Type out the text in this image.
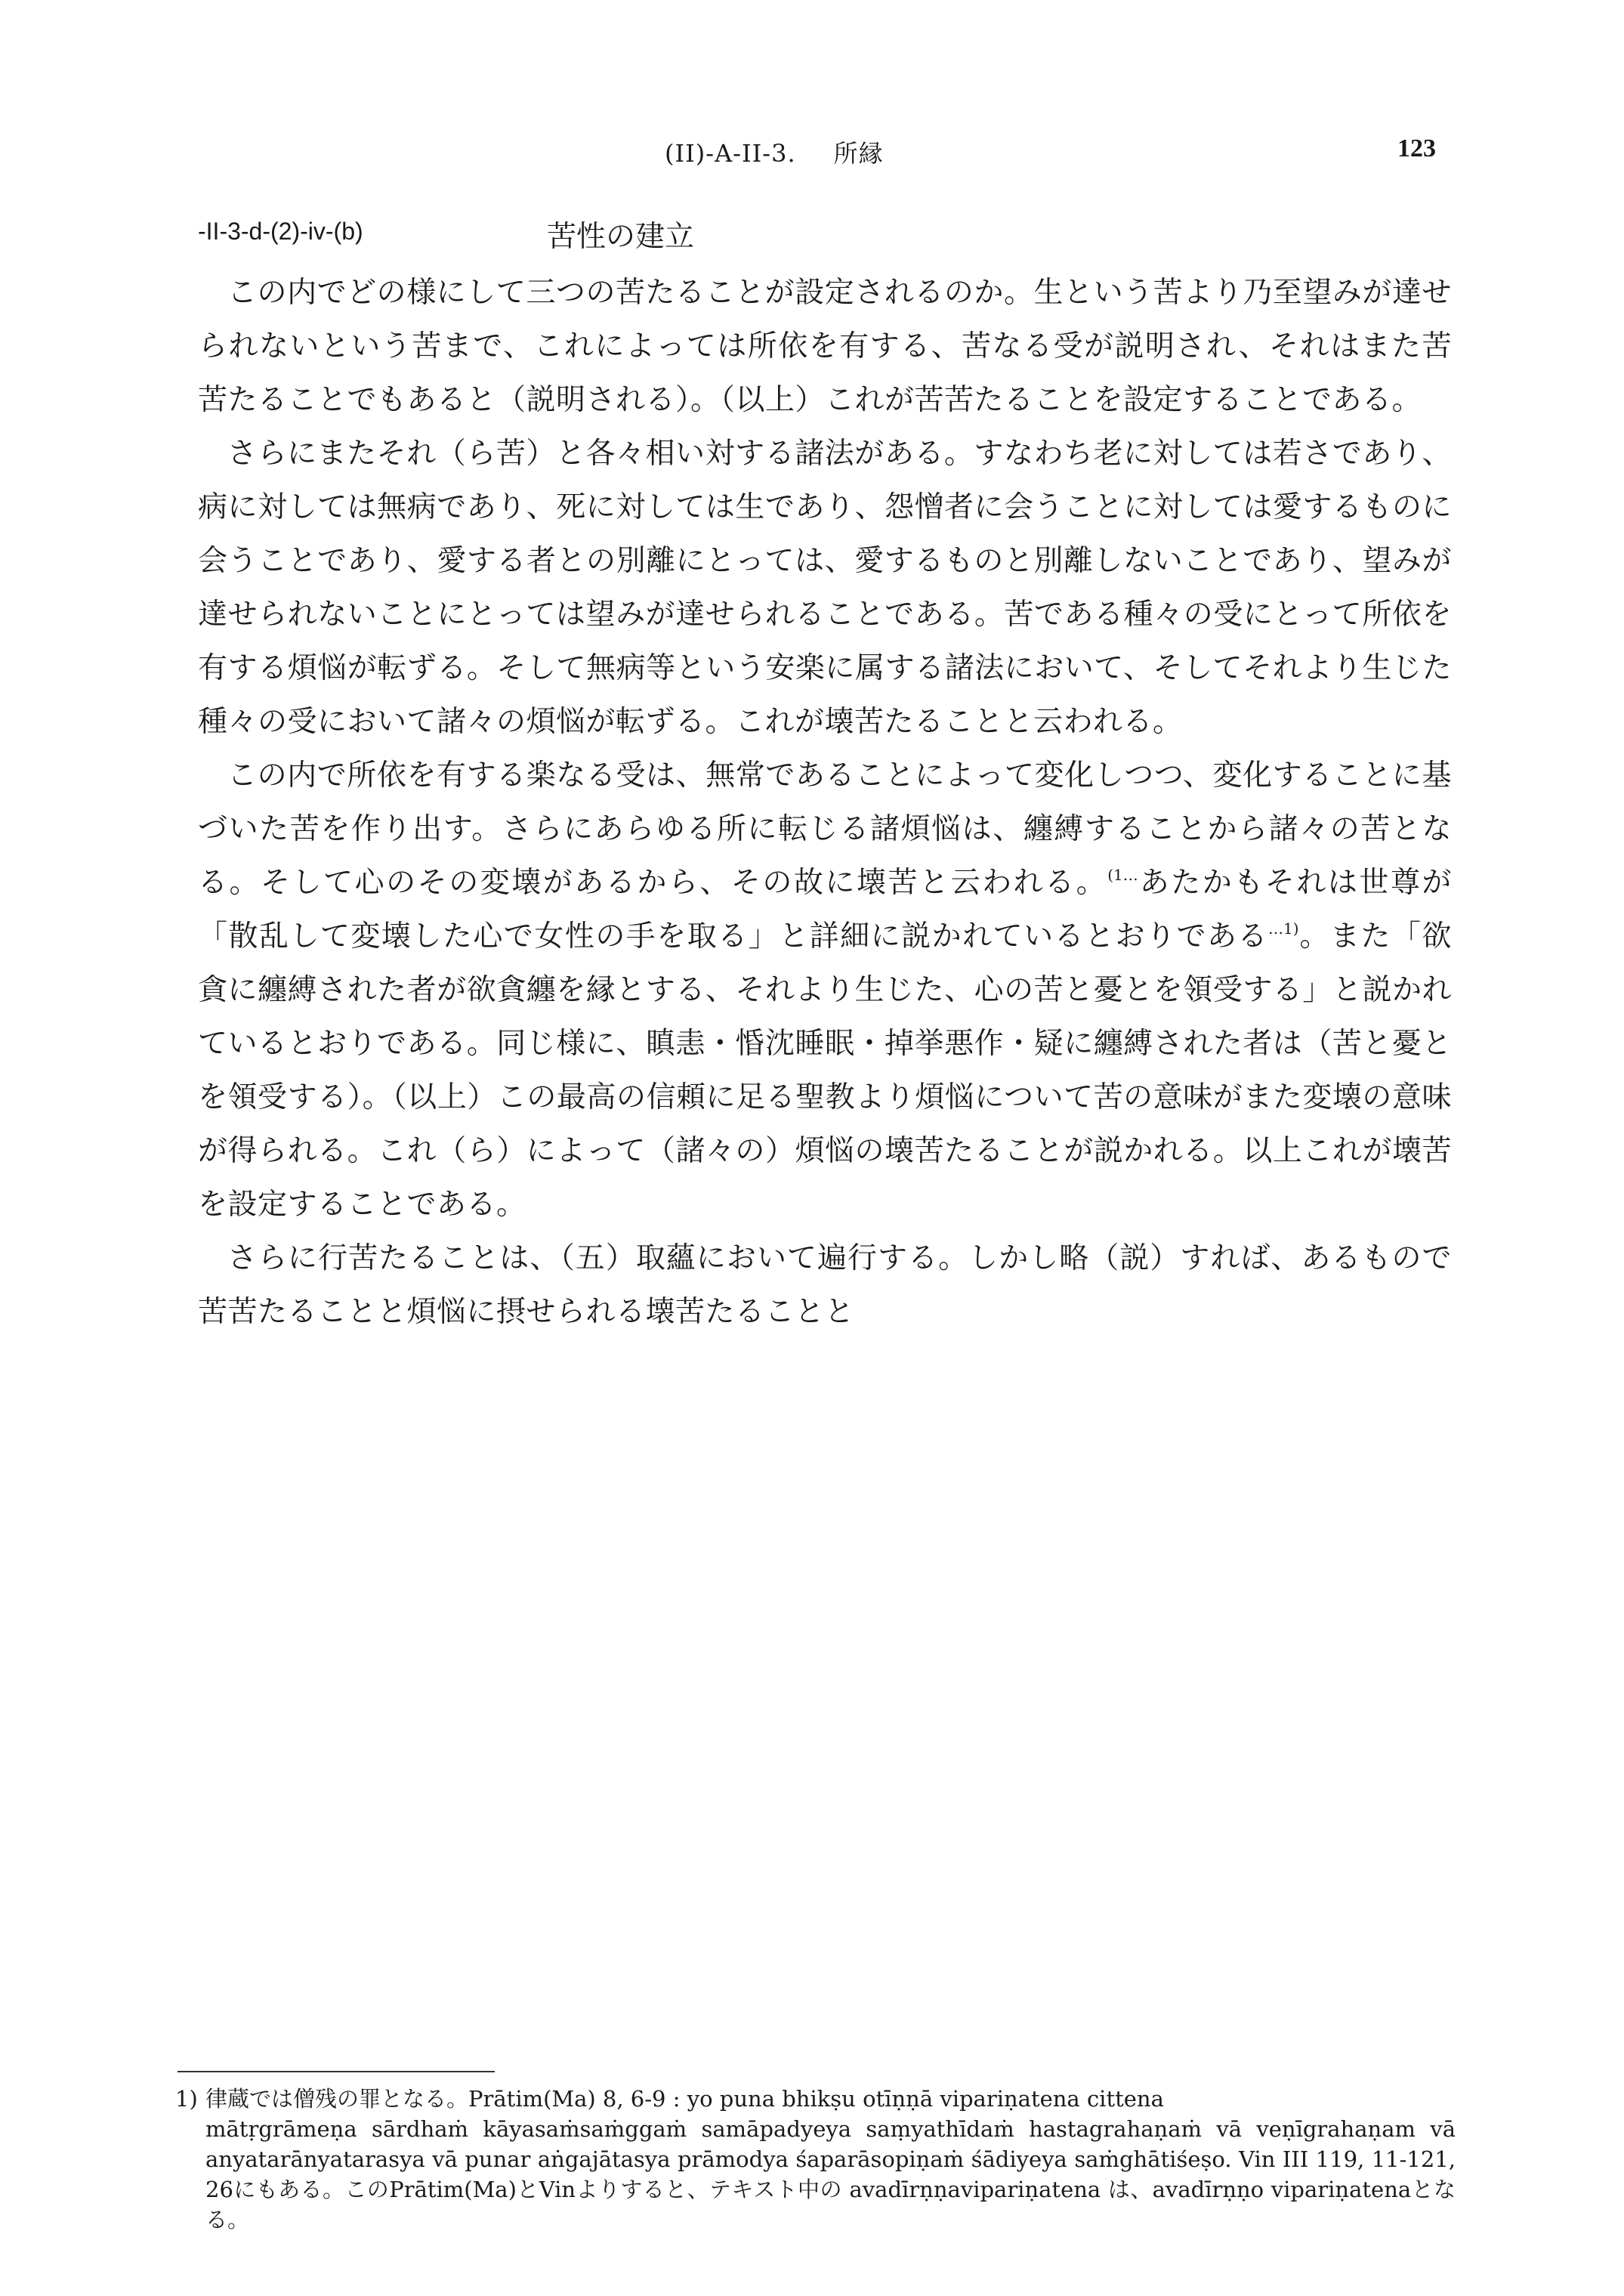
(II)-A-II-3. 所縁	123
-II-3-d-(2)-iv-(b)	苦性の建立

この内でどの様にして三つの苦たることが設定されるのか。生という苦より乃至望みが達せられないという苦まで、これによっては所依を有する、苦なる受が説明され、それはまた苦苦たることでもあると（説明される）。（以上）これが苦苦たることを設定することである。

さらにまたそれ（ら苦）と各々相い対する諸法がある。すなわち老に対しては若さであり、病に対しては無病であり、死に対しては生であり、怨憎者に会うことに対しては愛するものに会うことであり、愛する者との別離にとっては、愛するものと別離しないことであり、望みが達せられないことにとっては望みが達せられることである。苦である種々の受にとって所依を有する煩悩が転ずる。そして無病等という安楽に属する諸法において、そしてそれより生じた種々の受において諸々の煩悩が転ずる。これが壊苦たることと云われる。

この内で所依を有する楽なる受は、無常であることによって変化しつつ、変化することに基づいた苦を作り出す。さらにあらゆる所に転じる諸煩悩は、纏縛することから諸々の苦となる。そして心のその変壊があるから、その故に壊苦と云われる。$^{(1\dots}$あたかもそれは世尊が「散乱して変壊した心で女性の手を取る」と詳細に説かれているとおりである$^{\dots 1)}$。また「欲貪に纏縛された者が欲貪纏を縁とする、それより生じた、心の苦と憂とを領受する」と説かれているとおりである。同じ様に、瞋恚・惛沈睡眠・掉挙悪作・疑に纏縛された者は（苦と憂とを領受する）。（以上）この最高の信頼に足る聖教より煩悩について苦の意味がまた変壊の意味が得られる。これ（ら）によって（諸々の）煩悩の壊苦たることが説かれる。以上これが壊苦を設定することである。

さらに行苦たることは、（五）取蘊において遍行する。しかし略（説）すれば、あるもので苦苦たることと煩悩に摂せられる壊苦たることと

1) 律蔵では僧残の罪となる。Prātim(Ma) 8, 6-9 : yo puna bhikṣu otīṇṇā vipariṇatena cittena
mātṛgrāmeṇa sārdhaṁ kāyasaṁsaṁggaṁ samāpadyeya saṃyathīdaṁ hastagrahaṇaṁ vā veṇīgrahaṇam vā anyatarānyatarasya vā punar aṅgajātasya prāmodya śaparāsopiṇaṁ śādiyeya saṁghātiśeṣo. Vin III 119, 11-121, 26にもある。このPrātim(Ma)とVinよりすると、テキスト中の avadīrṇṇavipariṇatena は、avadīrṇṇo vipariṇatenaとなる。
